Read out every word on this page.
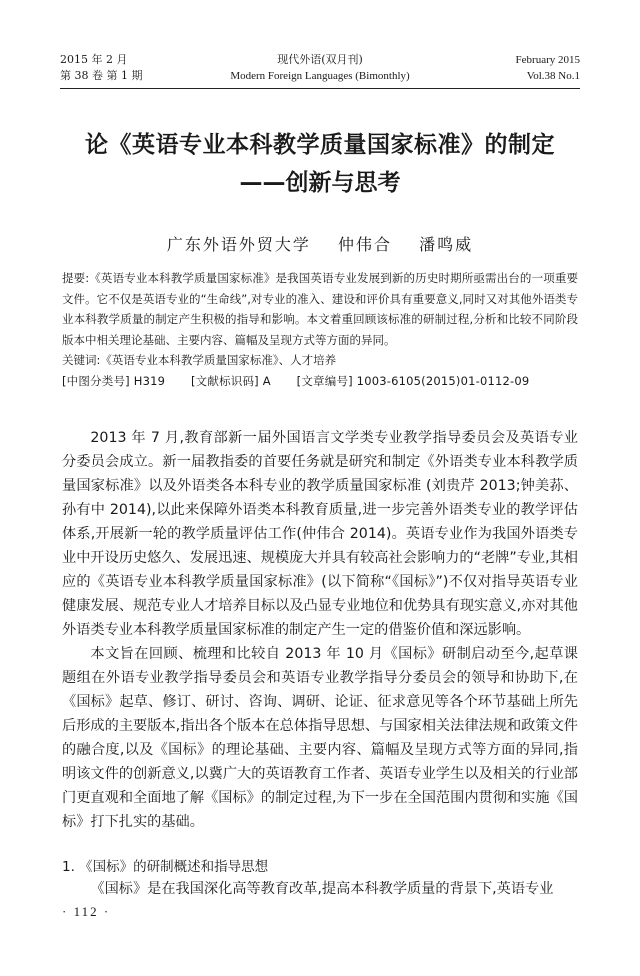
2015 年 2 月
第 38 卷 第 1 期
现代外语(双月刊)
Modern Foreign Languages (Bimonthly)
February 2015
Vol.38 No.1
论《英语专业本科教学质量国家标准》的制定
——创新与思考
广东外语外贸大学 仲伟合 潘鸣威
提要:《英语专业本科教学质量国家标准》是我国英语专业发展到新的历史时期所亟需出台的一项重要文件。它不仅是英语专业的“生命线”,对专业的准入、建设和评价具有重要意义,同时又对其他外语类专业本科教学质量的制定产生积极的指导和影响。本文着重回顾该标准的研制过程,分析和比较不同阶段版本中相关理论基础、主要内容、篇幅及呈现方式等方面的异同。
关键词:《英语专业本科教学质量国家标准》、人才培养
[中图分类号] H319 [文献标识码] A [文章编号] 1003-6105(2015)01-0112-09

2013 年 7 月,教育部新一届外国语言文学类专业教学指导委员会及英语专业分委员会成立。新一届教指委的首要任务就是研究和制定《外语类专业本科教学质量国家标准》以及外语类各本科专业的教学质量国家标准 (刘贵芹 2013;钟美荪、孙有中 2014),以此来保障外语类本科教育质量,进一步完善外语类专业的教学评估体系,开展新一轮的教学质量评估工作(仲伟合 2014)。英语专业作为我国外语类专业中开设历史悠久、发展迅速、规模庞大并具有较高社会影响力的“老牌”专业,其相应的《英语专业本科教学质量国家标准》(以下简称“《国标》”)不仅对指导英语专业健康发展、规范专业人才培养目标以及凸显专业地位和优势具有现实意义,亦对其他外语类专业本科教学质量国家标准的制定产生一定的借鉴价值和深远影响。

本文旨在回顾、梳理和比较自 2013 年 10 月《国标》研制启动至今,起草课题组在外语专业教学指导委员会和英语专业教学指导分委员会的领导和协助下,在《国标》起草、修订、研讨、咨询、调研、论证、征求意见等各个环节基础上所先后形成的主要版本,指出各个版本在总体指导思想、与国家相关法律法规和政策文件的融合度,以及《国标》的理论基础、主要内容、篇幅及呈现方式等方面的异同,指明该文件的创新意义,以冀广大的英语教育工作者、英语专业学生以及相关的行业部门更直观和全面地了解《国标》的制定过程,为下一步在全国范围内贯彻和实施《国标》打下扎实的基础。

1. 《国标》的研制概述和指导思想
《国标》是在我国深化高等教育改革,提高本科教学质量的背景下,英语专业
· 112 ·
